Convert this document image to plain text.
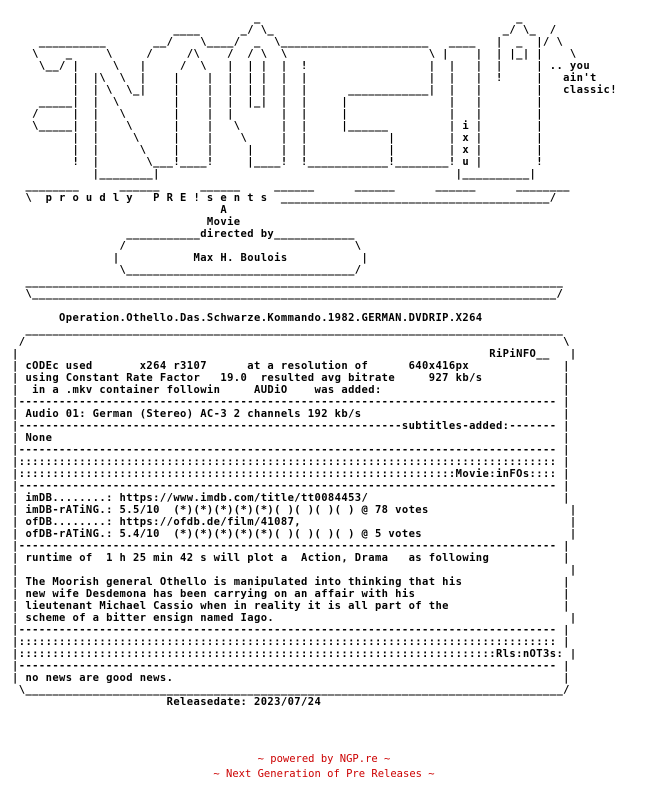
_                                      _
____      _/ \_                                  _/ \_  /
__________       __/    \____/  _  \______________________   ____   |  _  |/ \
\    _     \     /     /\    /  / \  \                     \ |    |  | |_| |    \
\__/ |     \   |     /  \   |  | |  |  !                  |  |   |  |     | .. you
|  |\  \  |    |    |  |  | |  |  |                  |  |   |  !     |   ain't
|  | \  \_|    |    |  |  | |  |  |      ____________|  |   |        |   classic!
_____|  |  \        |    |  |  |_|  |  |     |               |   |        |
/     |  |   \       |    |  |       |  |     |               |   |        |
\_____|  |    \      |    |   \      |  |     |______         | i |        |
|  |     \     |    |    \     |  |            |        | x |        |
|  |      \    |    |     |    |  |            |        | x |        |
!  |       \___!____!     |____!  !____________!________! u |        !
|________|                                            |__________|
________      ______      ______     ______      ______      ______      ________
\  p r o u d l y   P R E ! s e n t s  ________________________________________/
A
Movie
___________directed by____________
/                                  \
|           Max H. Boulois           |
\__________________________________/
________________________________________________________________________________
\______________________________________________________________________________/

Operation.Othello.Das.Schwarze.Kommando.1982.GERMAN.DVDRIP.X264
________________________________________________________________________________
/                                                                                \
|                                                                      RiPiNFO__   |
| cODEc used       x264 r3107      at a resolution of      640x416px              |
| using Constant Rate Factor   19.0  resulted avg bitrate     927 kb/s            |
|  in a .mkv container followin     AUDiO    was added:                           |
|-------------------------------------------------------------------------------- |
| Audio 01: German (Stereo) AC-3 2 channels 192 kb/s                              |
|---------------------------------------------------------subtitles-added:------- |
| None                                                                            |
|-------------------------------------------------------------------------------- |
|:::::::::::::::::::::::::::::::::::::::::::::::::::::::::::::::::::::::::::::::: |
|:::::::::::::::::::::::::::::::::::::::::::::::::::::::::::::::::Movie:inFOs:::: |
|-------------------------------------------------------------------------------- |
| imDB........: https://www.imdb.com/title/tt0084453/                             |
| imDB-rATiNG.: 5.5/10  (*)(*)(*)(*)(*)( )( )( )( ) @ 78 votes                     |
| ofDB........: https://ofdb.de/film/41087,                                        |
| ofDB-rATiNG.: 5.4/10  (*)(*)(*)(*)(*)( )( )( )( ) @ 5 votes                      |
|-------------------------------------------------------------------------------- |
| runtime of  1 h 25 min 42 s will plot a  Action, Drama   as following           |
|                                                                                  |
| The Moorish general Othello is manipulated into thinking that his               |
| new wife Desdemona has been carrying on an affair with his                      |
| lieutenant Michael Cassio when in reality it is all part of the                 |
| scheme of a bitter ensign named Iago.                                            |
|-------------------------------------------------------------------------------- |
|:::::::::::::::::::::::::::::::::::::::::::::::::::::::::::::::::::::::::::::::: |
|:::::::::::::::::::::::::::::::::::::::::::::::::::::::::::::::::::::::Rls:nOT3s: |
|-------------------------------------------------------------------------------- |
| no news are good news.                                                          |
\________________________________________________________________________________/
Releasedate: 2023/07/24
~ powered by NGP.re ~
~ Next Generation of Pre Releases ~
